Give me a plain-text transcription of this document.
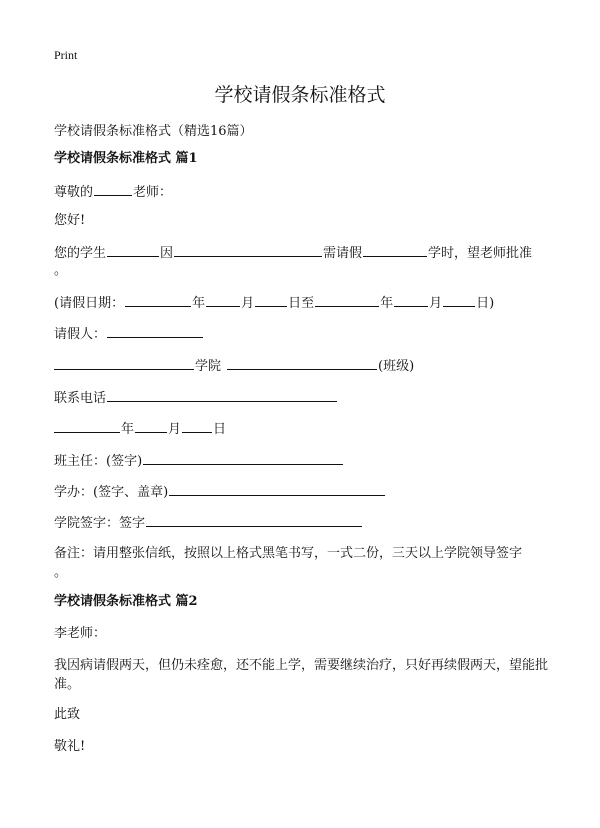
Print
学校请假条标准格式
学校请假条标准格式（精选16篇）
学校请假条标准格式 篇1
尊敬的	老师：
您好!
您的学生	因	需请假	学时，望老师批准
。
(请假日期：	年	月	日至	年	月	日)
请假人：
学院	(班级)
联系电话
年	月 日
班主任：(签字)
学办：(签字、盖章)
学院签字：签字
备注：请用整张信纸，按照以上格式黑笔书写，一式二份，三天以上学院领导签字
。
学校请假条标准格式 篇2
李老师：
我因病请假两天，但仍未痊愈，还不能上学，需要继续治疗，只好再续假两天，望能批准。
此致
敬礼!
